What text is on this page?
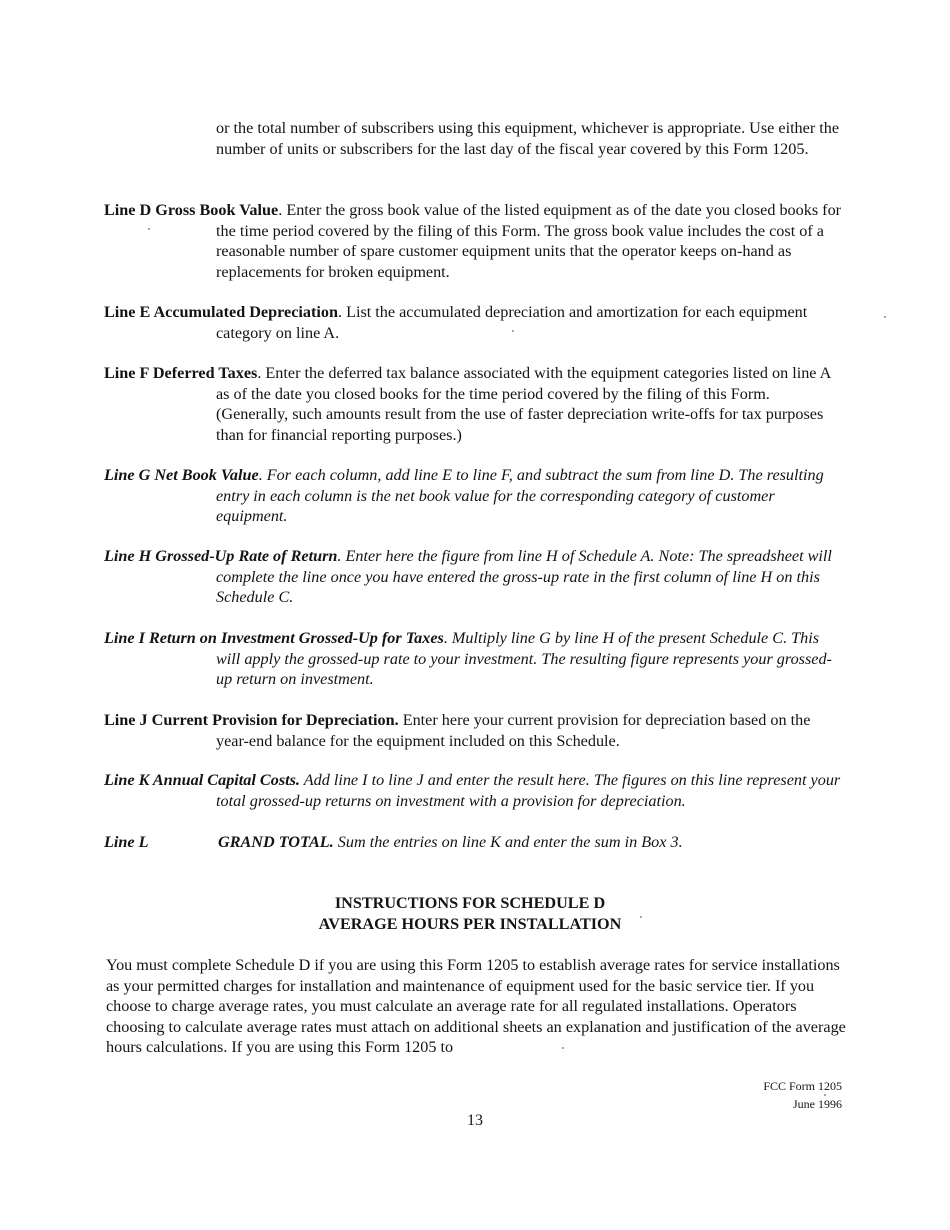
or the total number of subscribers using this equipment, whichever is appropriate. Use either the number of units or subscribers for the last day of the fiscal year covered by this Form 1205.

Line D Gross Book Value. Enter the gross book value of the listed equipment as of the date you closed books for the time period covered by the filing of this Form. The gross book value includes the cost of a reasonable number of spare customer equipment units that the operator keeps on-hand as replacements for broken equipment.

Line E Accumulated Depreciation. List the accumulated depreciation and amortization for each equipment category on line A.

Line F Deferred Taxes. Enter the deferred tax balance associated with the equipment categories listed on line A as of the date you closed books for the time period covered by the filing of this Form. (Generally, such amounts result from the use of faster depreciation write-offs for tax purposes than for financial reporting purposes.)

Line G Net Book Value. For each column, add line E to line F, and subtract the sum from line D. The resulting entry in each column is the net book value for the corresponding category of customer equipment.

Line H Grossed-Up Rate of Return. Enter here the figure from line H of Schedule A. Note: The spreadsheet will complete the line once you have entered the gross-up rate in the first column of line H on this Schedule C.

Line I Return on Investment Grossed-Up for Taxes. Multiply line G by line H of the present Schedule C. This will apply the grossed-up rate to your investment. The resulting figure represents your grossed-up return on investment.

Line J Current Provision for Depreciation. Enter here your current provision for depreciation based on the year-end balance for the equipment included on this Schedule.

Line K Annual Capital Costs. Add line I to line J and enter the result here. The figures on this line represent your total grossed-up returns on investment with a provision for depreciation.

Line L	GRAND TOTAL. Sum the entries on line K and enter the sum in Box 3.
INSTRUCTIONS FOR SCHEDULE D
AVERAGE HOURS PER INSTALLATION
You must complete Schedule D if you are using this Form 1205 to establish average rates for service installations as your permitted charges for installation and maintenance of equipment used for the basic service tier. If you choose to charge average rates, you must calculate an average rate for all regulated installations. Operators choosing to calculate average rates must attach on additional sheets an explanation and justification of the average hours calculations. If you are using this Form 1205 to
FCC Form 1205
June 1996
13
